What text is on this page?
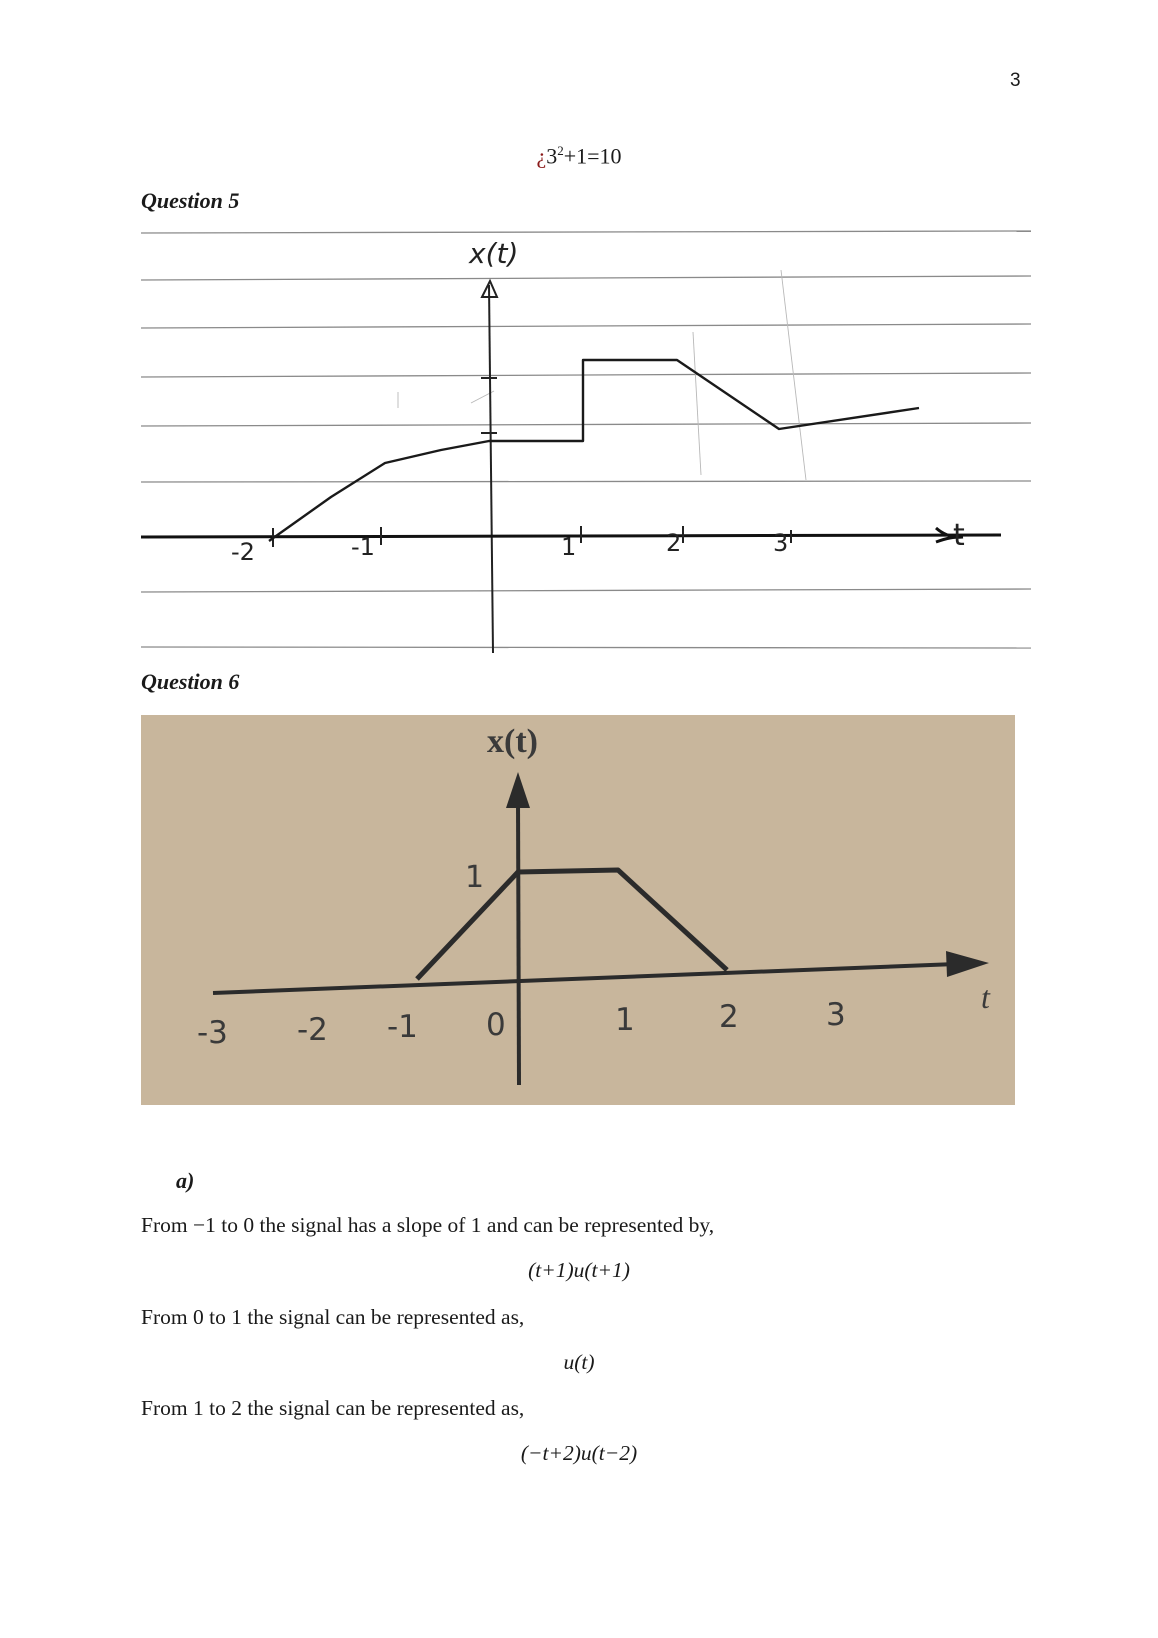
3
¿$3^2+1=10$
Question 5
x(t)
t
-2	-1	1	2	3
Question 6
x(t)
1
t
-3 -2 -1 0	1	2	3
a)
From −1 to 0 the signal has a slope of 1 and can be represented by,
(t+1)u(t+1)
From 0 to 1 the signal can be represented as,
u(t)
From 1 to 2 the signal can be represented as,
(−t+2)u(t−2)
